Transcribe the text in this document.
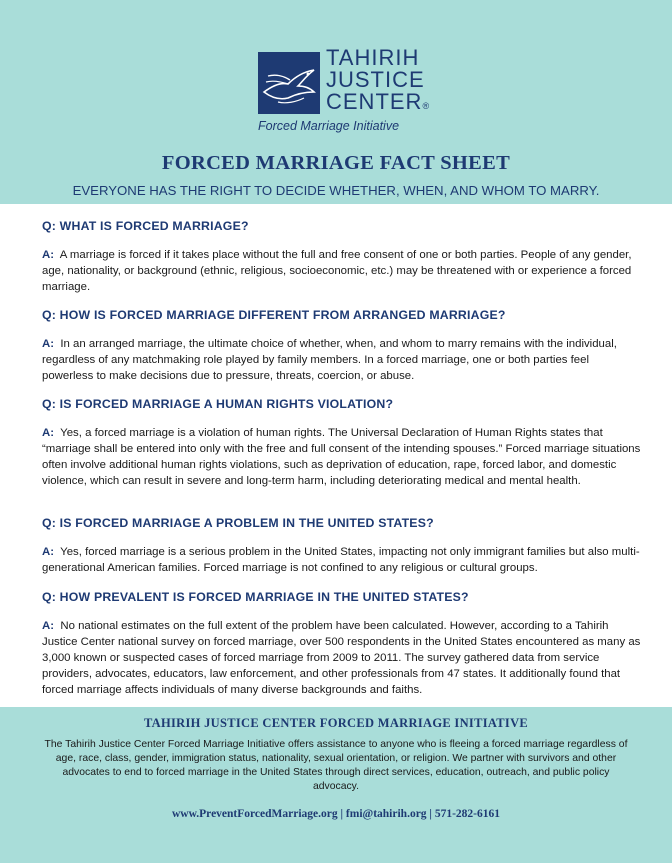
TAHIRIH
JUSTICE
CENTER®
Forced Marriage Initiative
FORCED MARRIAGE FACT SHEET
EVERYONE HAS THE RIGHT TO DECIDE WHETHER, WHEN, AND WHOM TO MARRY.
Q: WHAT IS FORCED MARRIAGE?
A: A marriage is forced if it takes place without the full and free consent of one or both parties. People of any gender, age, nationality, or background (ethnic, religious, socioeconomic, etc.) may be threatened with or experience a forced marriage.
Q: HOW IS FORCED MARRIAGE DIFFERENT FROM ARRANGED MARRIAGE?
A: In an arranged marriage, the ultimate choice of whether, when, and whom to marry remains with the individual, regardless of any matchmaking role played by family members. In a forced marriage, one or both parties feel powerless to make decisions due to pressure, threats, coercion, or abuse.
Q: IS FORCED MARRIAGE A HUMAN RIGHTS VIOLATION?
A: Yes, a forced marriage is a violation of human rights. The Universal Declaration of Human Rights states that “marriage shall be entered into only with the free and full consent of the intending spouses.” Forced marriage situations often involve additional human rights violations, such as deprivation of education, rape, forced labor, and domestic violence, which can result in severe and long-term harm, including deteriorating medical and mental health.
Q: IS FORCED MARRIAGE A PROBLEM IN THE UNITED STATES?
A: Yes, forced marriage is a serious problem in the United States, impacting not only immigrant families but also multi-generational American families. Forced marriage is not confined to any religious or cultural groups.
Q: HOW PREVALENT IS FORCED MARRIAGE IN THE UNITED STATES?
A: No national estimates on the full extent of the problem have been calculated. However, according to a Tahirih Justice Center national survey on forced marriage, over 500 respondents in the United States encountered as many as 3,000 known or suspected cases of forced marriage from 2009 to 2011. The survey gathered data from service providers, advocates, educators, law enforcement, and other professionals from 47 states. It additionally found that forced marriage affects individuals of many diverse backgrounds and faiths.
TAHIRIH JUSTICE CENTER FORCED MARRIAGE INITIATIVE
The Tahirih Justice Center Forced Marriage Initiative offers assistance to anyone who is fleeing a forced marriage regardless of age, race, class, gender, immigration status, nationality, sexual orientation, or religion. We partner with survivors and other advocates to end to forced marriage in the United States through direct services, education, outreach, and public policy advocacy.
www.PreventForcedMarriage.org | fmi@tahirih.org | 571-282-6161
